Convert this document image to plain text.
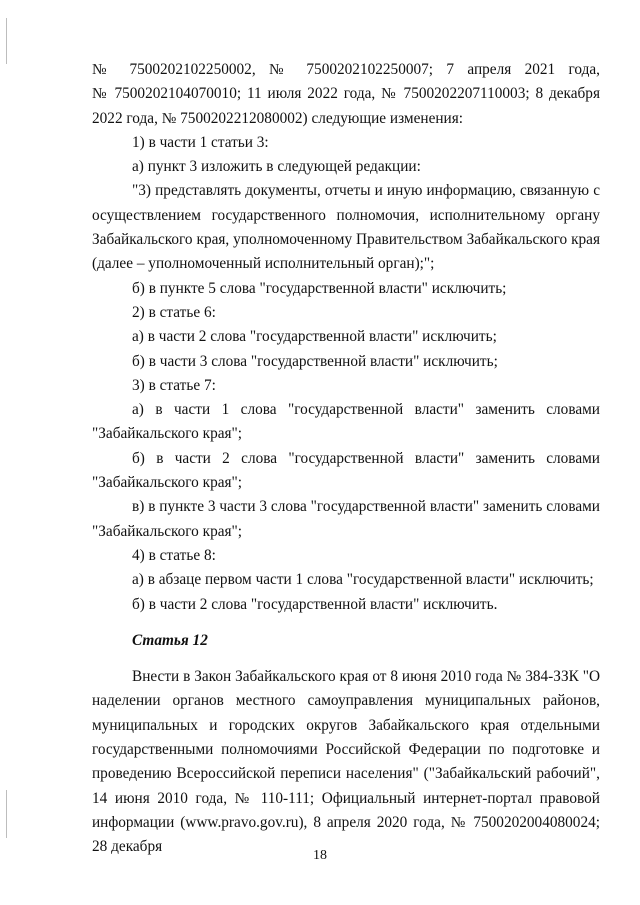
№ 7500202102250002, № 7500202102250007; 7 апреля 2021 года,

№ 7500202104070010; 11 июля 2022 года, № 7500202207110003; 8 декабря

2022 года, № 7500202212080002) следующие изменения:

1) в части 1 статьи 3:

а) пункт 3 изложить в следующей редакции:

"3) представлять документы, отчеты и иную информацию, связанную с осуществлением государственного полномочия, исполнительному органу Забайкальского края, уполномоченному Правительством Забайкальского края (далее – уполномоченный исполнительный орган);";

б) в пункте 5 слова "государственной власти" исключить;

2) в статье 6:

а) в части 2 слова "государственной власти" исключить;

б) в части 3 слова "государственной власти" исключить;

3) в статье 7:

а) в части 1 слова "государственной власти" заменить словами "Забайкальского края";

б) в части 2 слова "государственной власти" заменить словами "Забайкальского края";

в) в пункте 3 части 3 слова "государственной власти" заменить словами "Забайкальского края";

4) в статье 8:

а) в абзаце первом части 1 слова "государственной власти" исключить;

б) в части 2 слова "государственной власти" исключить.

Статья 12

Внести в Закон Забайкальского края от 8 июня 2010 года № 384-ЗЗК "О наделении органов местного самоуправления муниципальных районов, муниципальных и городских округов Забайкальского края отдельными государственными полномочиями Российской Федерации по подготовке и проведению Всероссийской переписи населения" ("Забайкальский рабочий", 14 июня 2010 года, № 110-111; Официальный интернет-портал правовой информации (www.pravo.gov.ru), 8 апреля 2020 года, № 7500202004080024; 28 декабря

18
